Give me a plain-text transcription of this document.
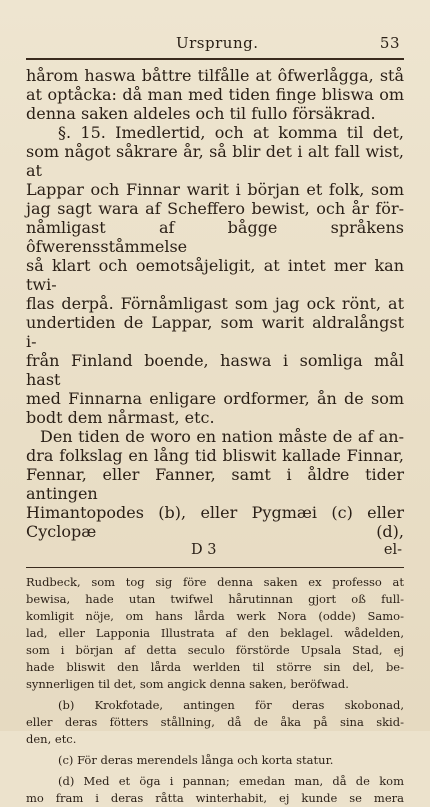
Ursprung.	53
hårom haswa båttre tilfålle at ôfwerlågga, stå
at optåcka: då man med tiden finge bliswa om
denna saken aldeles och til fullo försäkrad.
§. 15. Imedlertid, och at komma til det,
som något såkrare år, så blir det i alt fall wist, at
Lappar och Finnar warit i början et folk, som
jag sagt wara af Scheffero bewist, och år för-
nåmligast af bågge språkens ôfwerensståmmelse
så klart och oemotsåjeligit, at intet mer kan twi-
flas derpå. Förnåmligast som jag ock rönt, at
undertiden de Lappar, som warit aldralångst i-
från Finland boende, haswa i somliga mål hast
med Finnarna enligare ordformer, ån de som
bodt dem nårmast, etc.
Den tiden de woro en nation måste de af an-
dra folkslag en lång tid bliswit kallade Finnar,
Fennar, eller Fanner, samt i åldre tider antingen
Himantopodes (b), eller Pygmæi (c) eller Cyclopæ (d),
D 3	el-
Rudbeck, som tog sig före denna saken ex professo at
bewisa, hade utan twifwel hårutinnan gjort oß full-
komligit nöje, om hans lårda werk Nora (odde) Samo-
lad, eller Lapponia Illustrata af den beklagel. wådelden,
som i början af detta seculo förstörde Upsala Stad, ej
hade bliswit den lårda werlden til större sin del, be-
synnerligen til det, som angick denna saken, beröfwad.
(b) Krokfotade, antingen för deras skobonad,
eller deras fötters stållning, då de åka på sina skid-
den, etc.
(c) För deras merendels långa och korta statur.
(d) Med et öga i pannan; emedan man, då de kom
mo fram i deras råtta winterhabit, ej kunde se mera
